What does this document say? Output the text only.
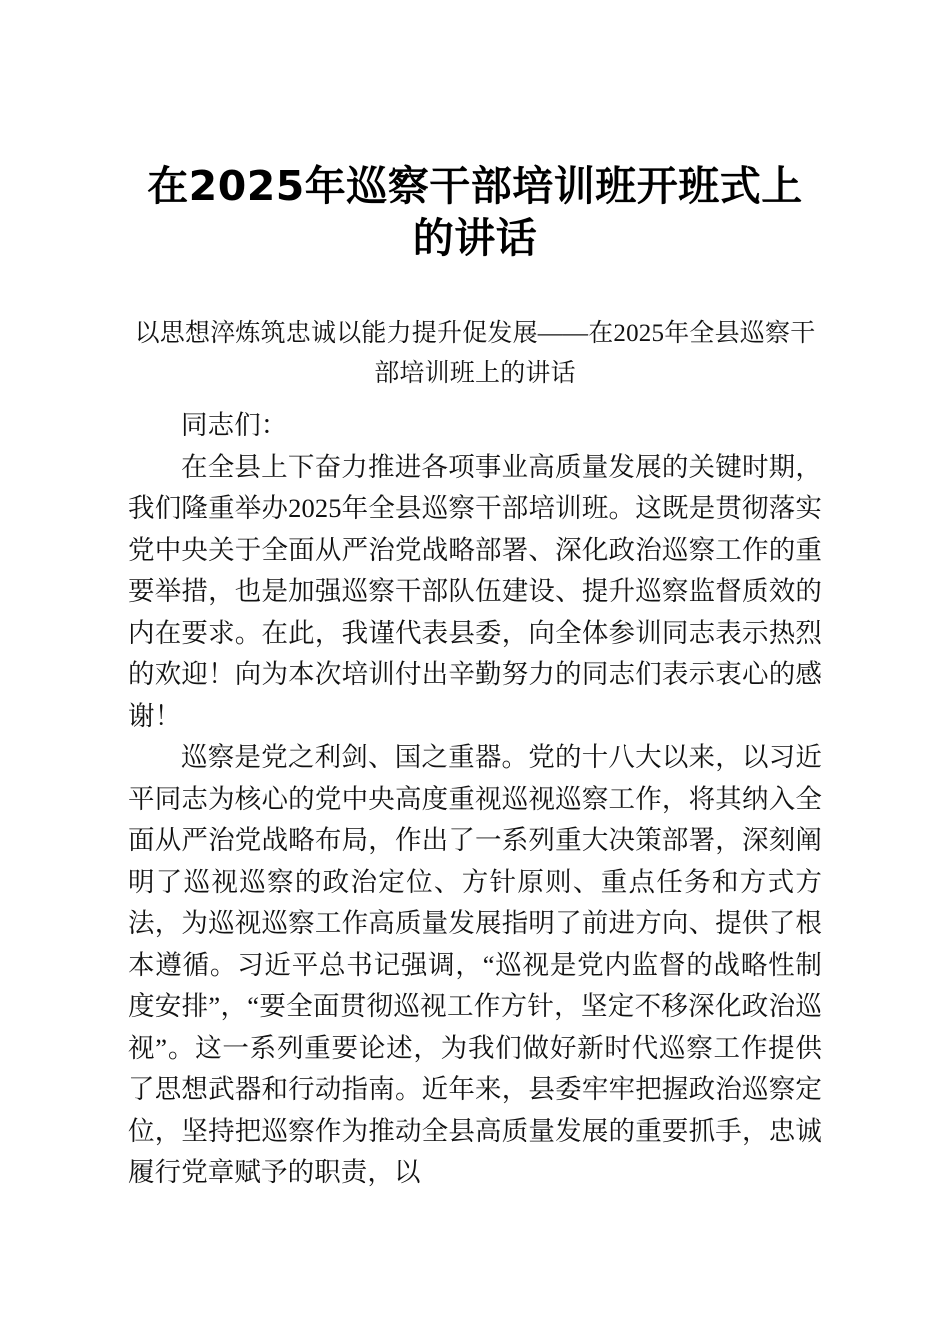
在2025年巡察干部培训班开班式上的讲话
以思想淬炼筑忠诚以能力提升促发展——在2025年全县巡察干部培训班上的讲话

同志们：

在全县上下奋力推进各项事业高质量发展的关键时期，我们隆重举办2025年全县巡察干部培训班。这既是贯彻落实党中央关于全面从严治党战略部署、深化政治巡察工作的重要举措，也是加强巡察干部队伍建设、提升巡察监督质效的内在要求。在此，我谨代表县委，向全体参训同志表示热烈的欢迎！向为本次培训付出辛勤努力的同志们表示衷心的感谢！

巡察是党之利剑、国之重器。党的十八大以来，以习近平同志为核心的党中央高度重视巡视巡察工作，将其纳入全面从严治党战略布局，作出了一系列重大决策部署，深刻阐明了巡视巡察的政治定位、方针原则、重点任务和方式方法，为巡视巡察工作高质量发展指明了前进方向、提供了根本遵循。习近平总书记强调，“巡视是党内监督的战略性制度安排”，“要全面贯彻巡视工作方针，坚定不移深化政治巡视”。这一系列重要论述，为我们做好新时代巡察工作提供了思想武器和行动指南。近年来，县委牢牢把握政治巡察定位，坚持把巡察作为推动全县高质量发展的重要抓手，忠诚履行党章赋予的职责，以
